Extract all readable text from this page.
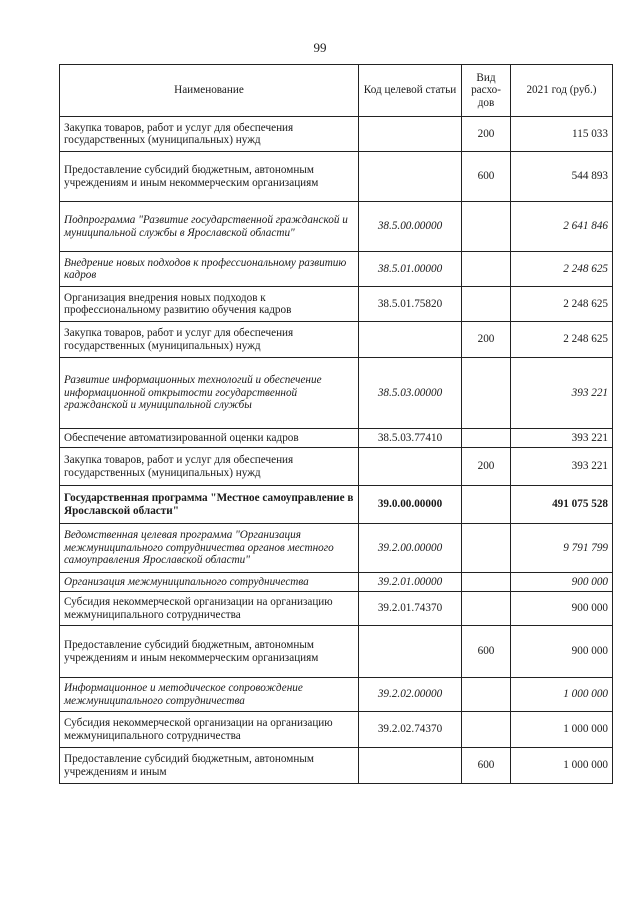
99
Наименование	Код целевой статьи	Вид расхо-дов	2021 год (руб.)
Закупка товаров, работ и услуг для обеспечения государственных (муниципальных) нужд		200	115 033
Предоставление субсидий бюджетным, автономным учреждениям и иным некоммерческим организациям		600	544 893
Подпрограмма "Развитие государственной гражданской и муниципальной службы в Ярославской области"	38.5.00.00000		2 641 846
Внедрение новых подходов к профессиональному развитию кадров	38.5.01.00000		2 248 625
Организация внедрения новых подходов к профессиональному развитию обучения кадров	38.5.01.75820		2 248 625
Закупка товаров, работ и услуг для обеспечения государственных (муниципальных) нужд		200	2 248 625
Развитие информационных технологий и обеспечение информационной открытости государственной гражданской и муниципальной службы	38.5.03.00000		393 221
Обеспечение автоматизированной оценки кадров	38.5.03.77410		393 221
Закупка товаров, работ и услуг для обеспечения государственных (муниципальных) нужд		200	393 221
Государственная программа "Местное самоуправление в Ярославской области"	39.0.00.00000		491 075 528
Ведомственная целевая программа "Организация межмуниципального сотрудничества органов местного самоуправления Ярославской области"	39.2.00.00000		9 791 799
Организация межмуниципального сотрудничества	39.2.01.00000		900 000
Субсидия некоммерческой организации на организацию межмуниципального сотрудничества	39.2.01.74370		900 000
Предоставление субсидий бюджетным, автономным учреждениям и иным некоммерческим организациям		600	900 000
Информационное и методическое сопровождение межмуниципального сотрудничества	39.2.02.00000		1 000 000
Субсидия некоммерческой организации на организацию межмуниципального сотрудничества	39.2.02.74370		1 000 000
Предоставление субсидий бюджетным, автономным учреждениям и иным		600	1 000 000
